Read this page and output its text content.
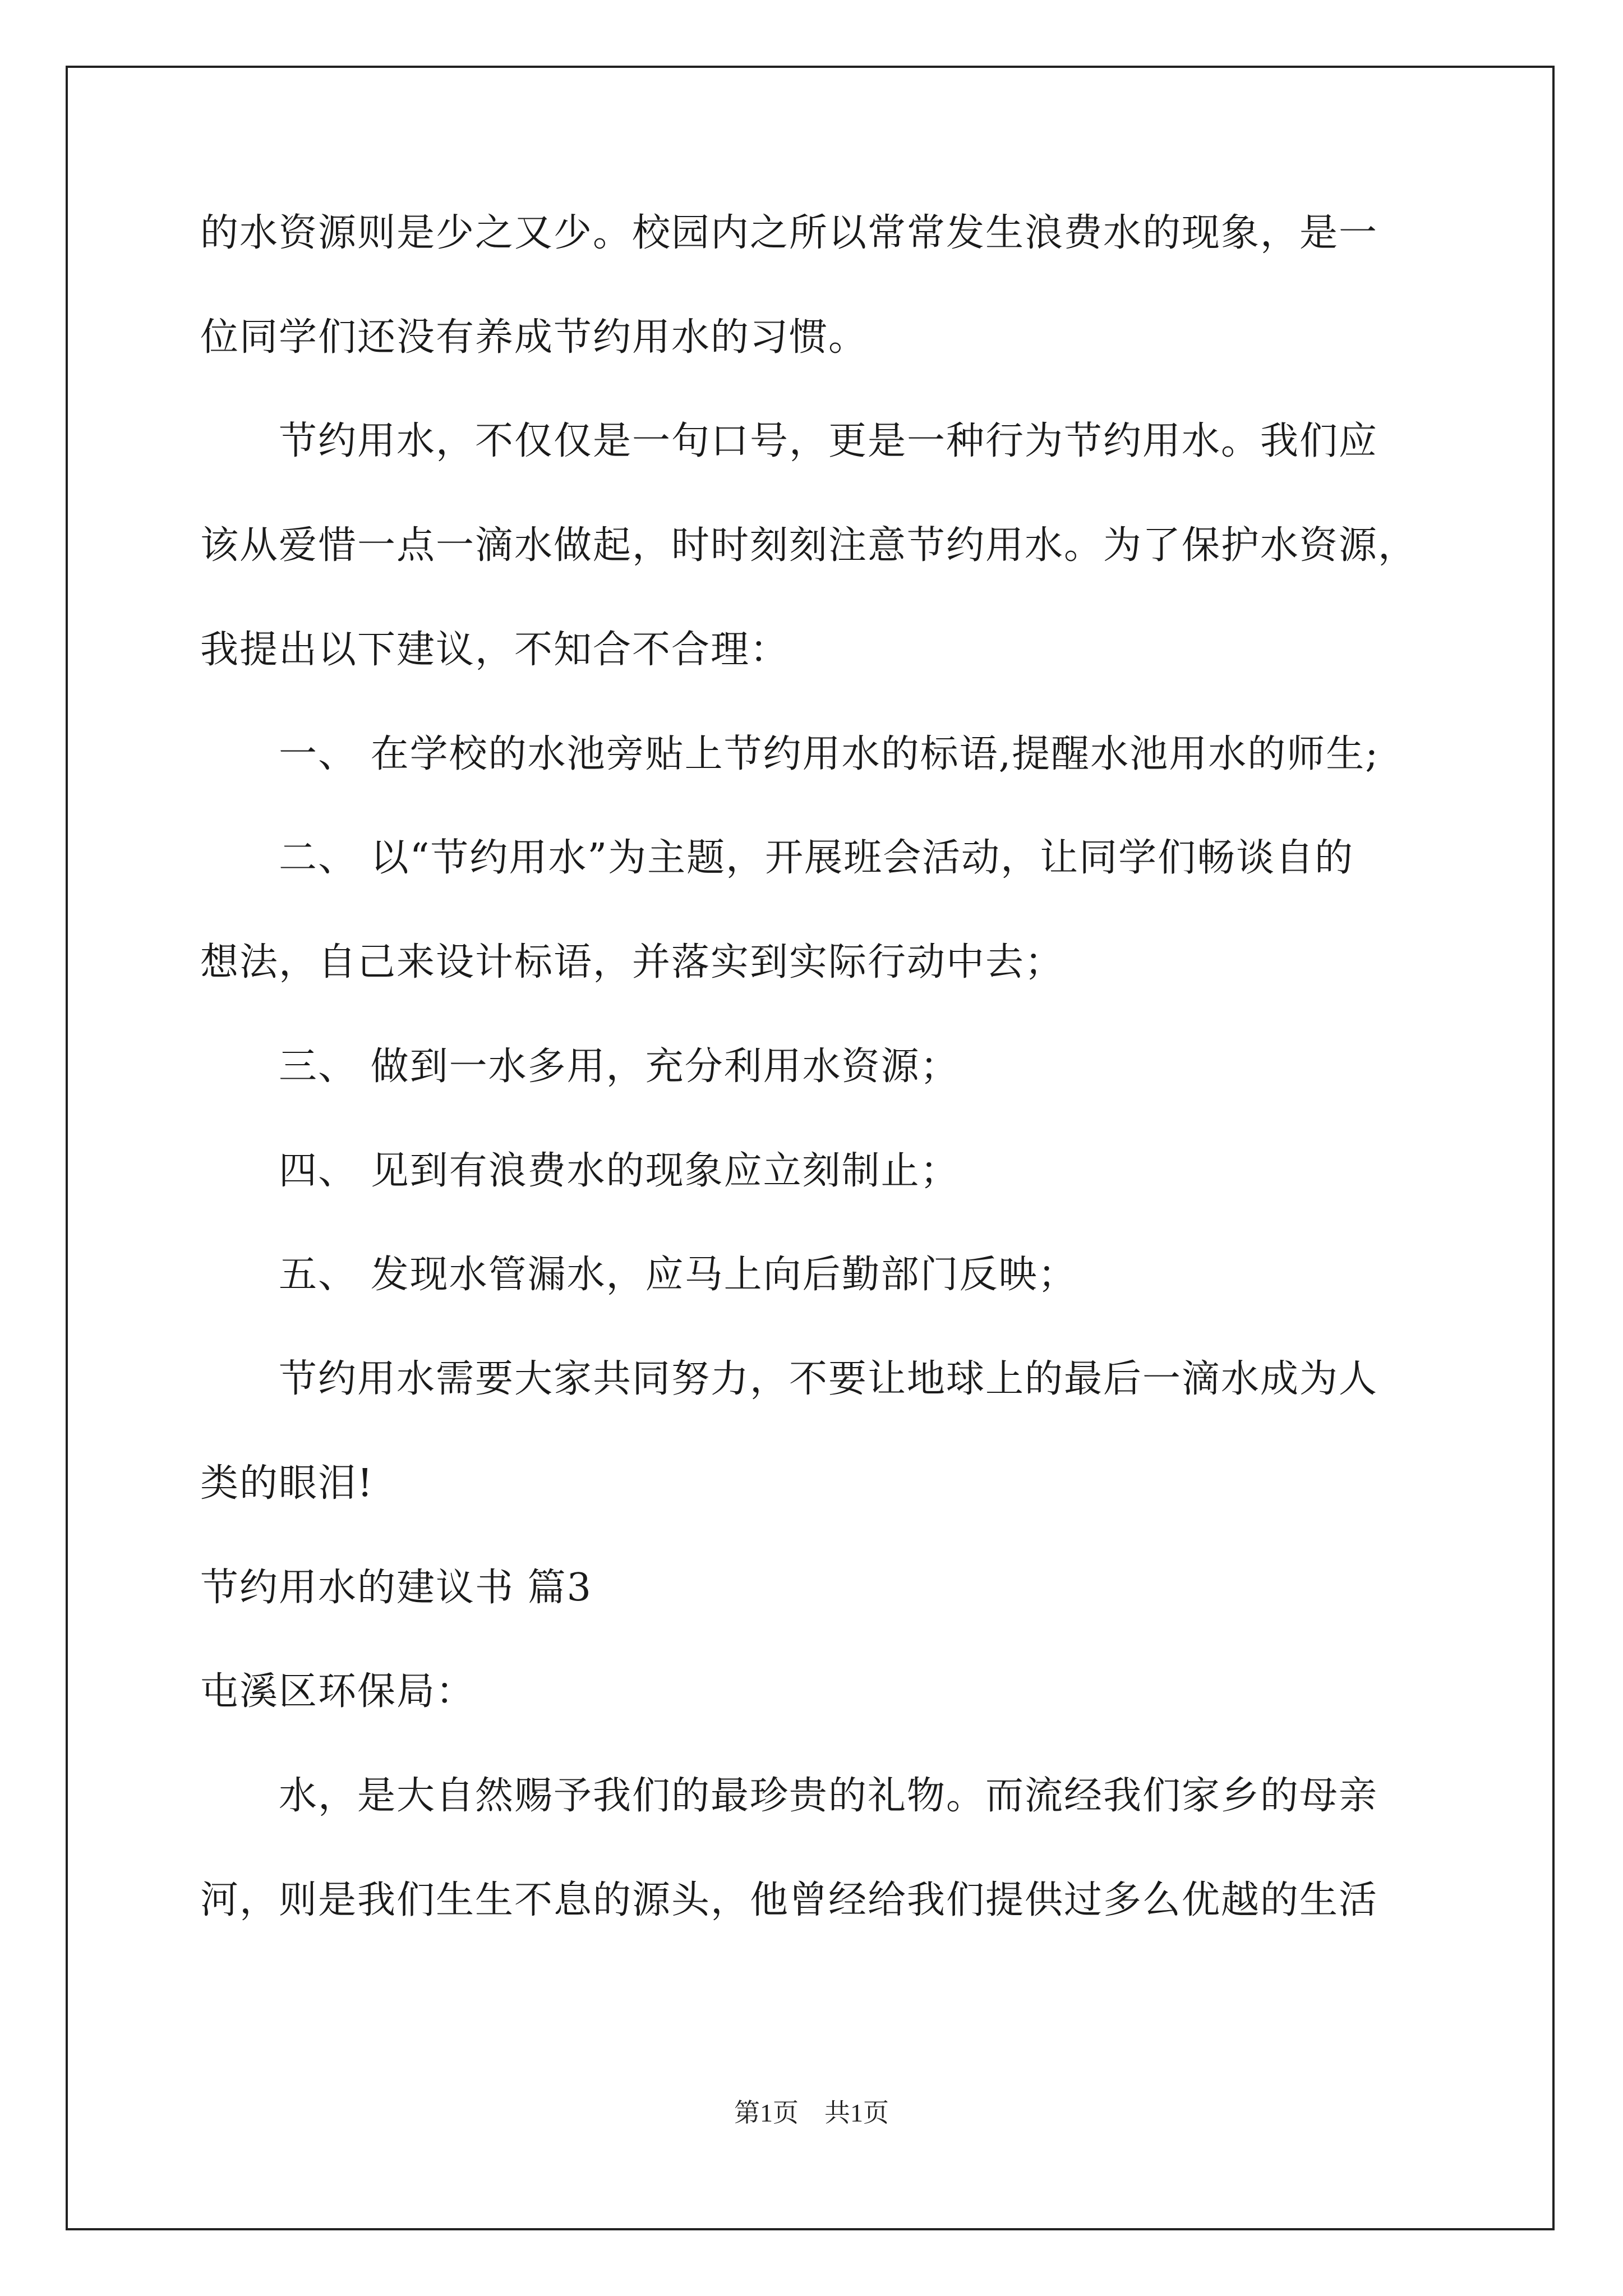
的水资源则是少之又少。校园内之所以常常发生浪费水的现象，是一
位同学们还没有养成节约用水的习惯。
　　节约用水，不仅仅是一句口号，更是一种行为节约用水。我们应
该从爱惜一点一滴水做起，时时刻刻注意节约用水。为了保护水资源，
我提出以下建议，不知合不合理：
　　一、 在学校的水池旁贴上节约用水的标语,提醒水池用水的师生;
　　二、 以“节约用水”为主题，开展班会活动，让同学们畅谈自的
想法，自己来设计标语，并落实到实际行动中去；
　　三、 做到一水多用，充分利用水资源；
　　四、 见到有浪费水的现象应立刻制止；
　　五、 发现水管漏水，应马上向后勤部门反映；
　　节约用水需要大家共同努力，不要让地球上的最后一滴水成为人
类的眼泪!
节约用水的建议书 篇3
屯溪区环保局：
　　水，是大自然赐予我们的最珍贵的礼物。而流经我们家乡的母亲
河，则是我们生生不息的源头，他曾经给我们提供过多么优越的生活
第1页　共1页
